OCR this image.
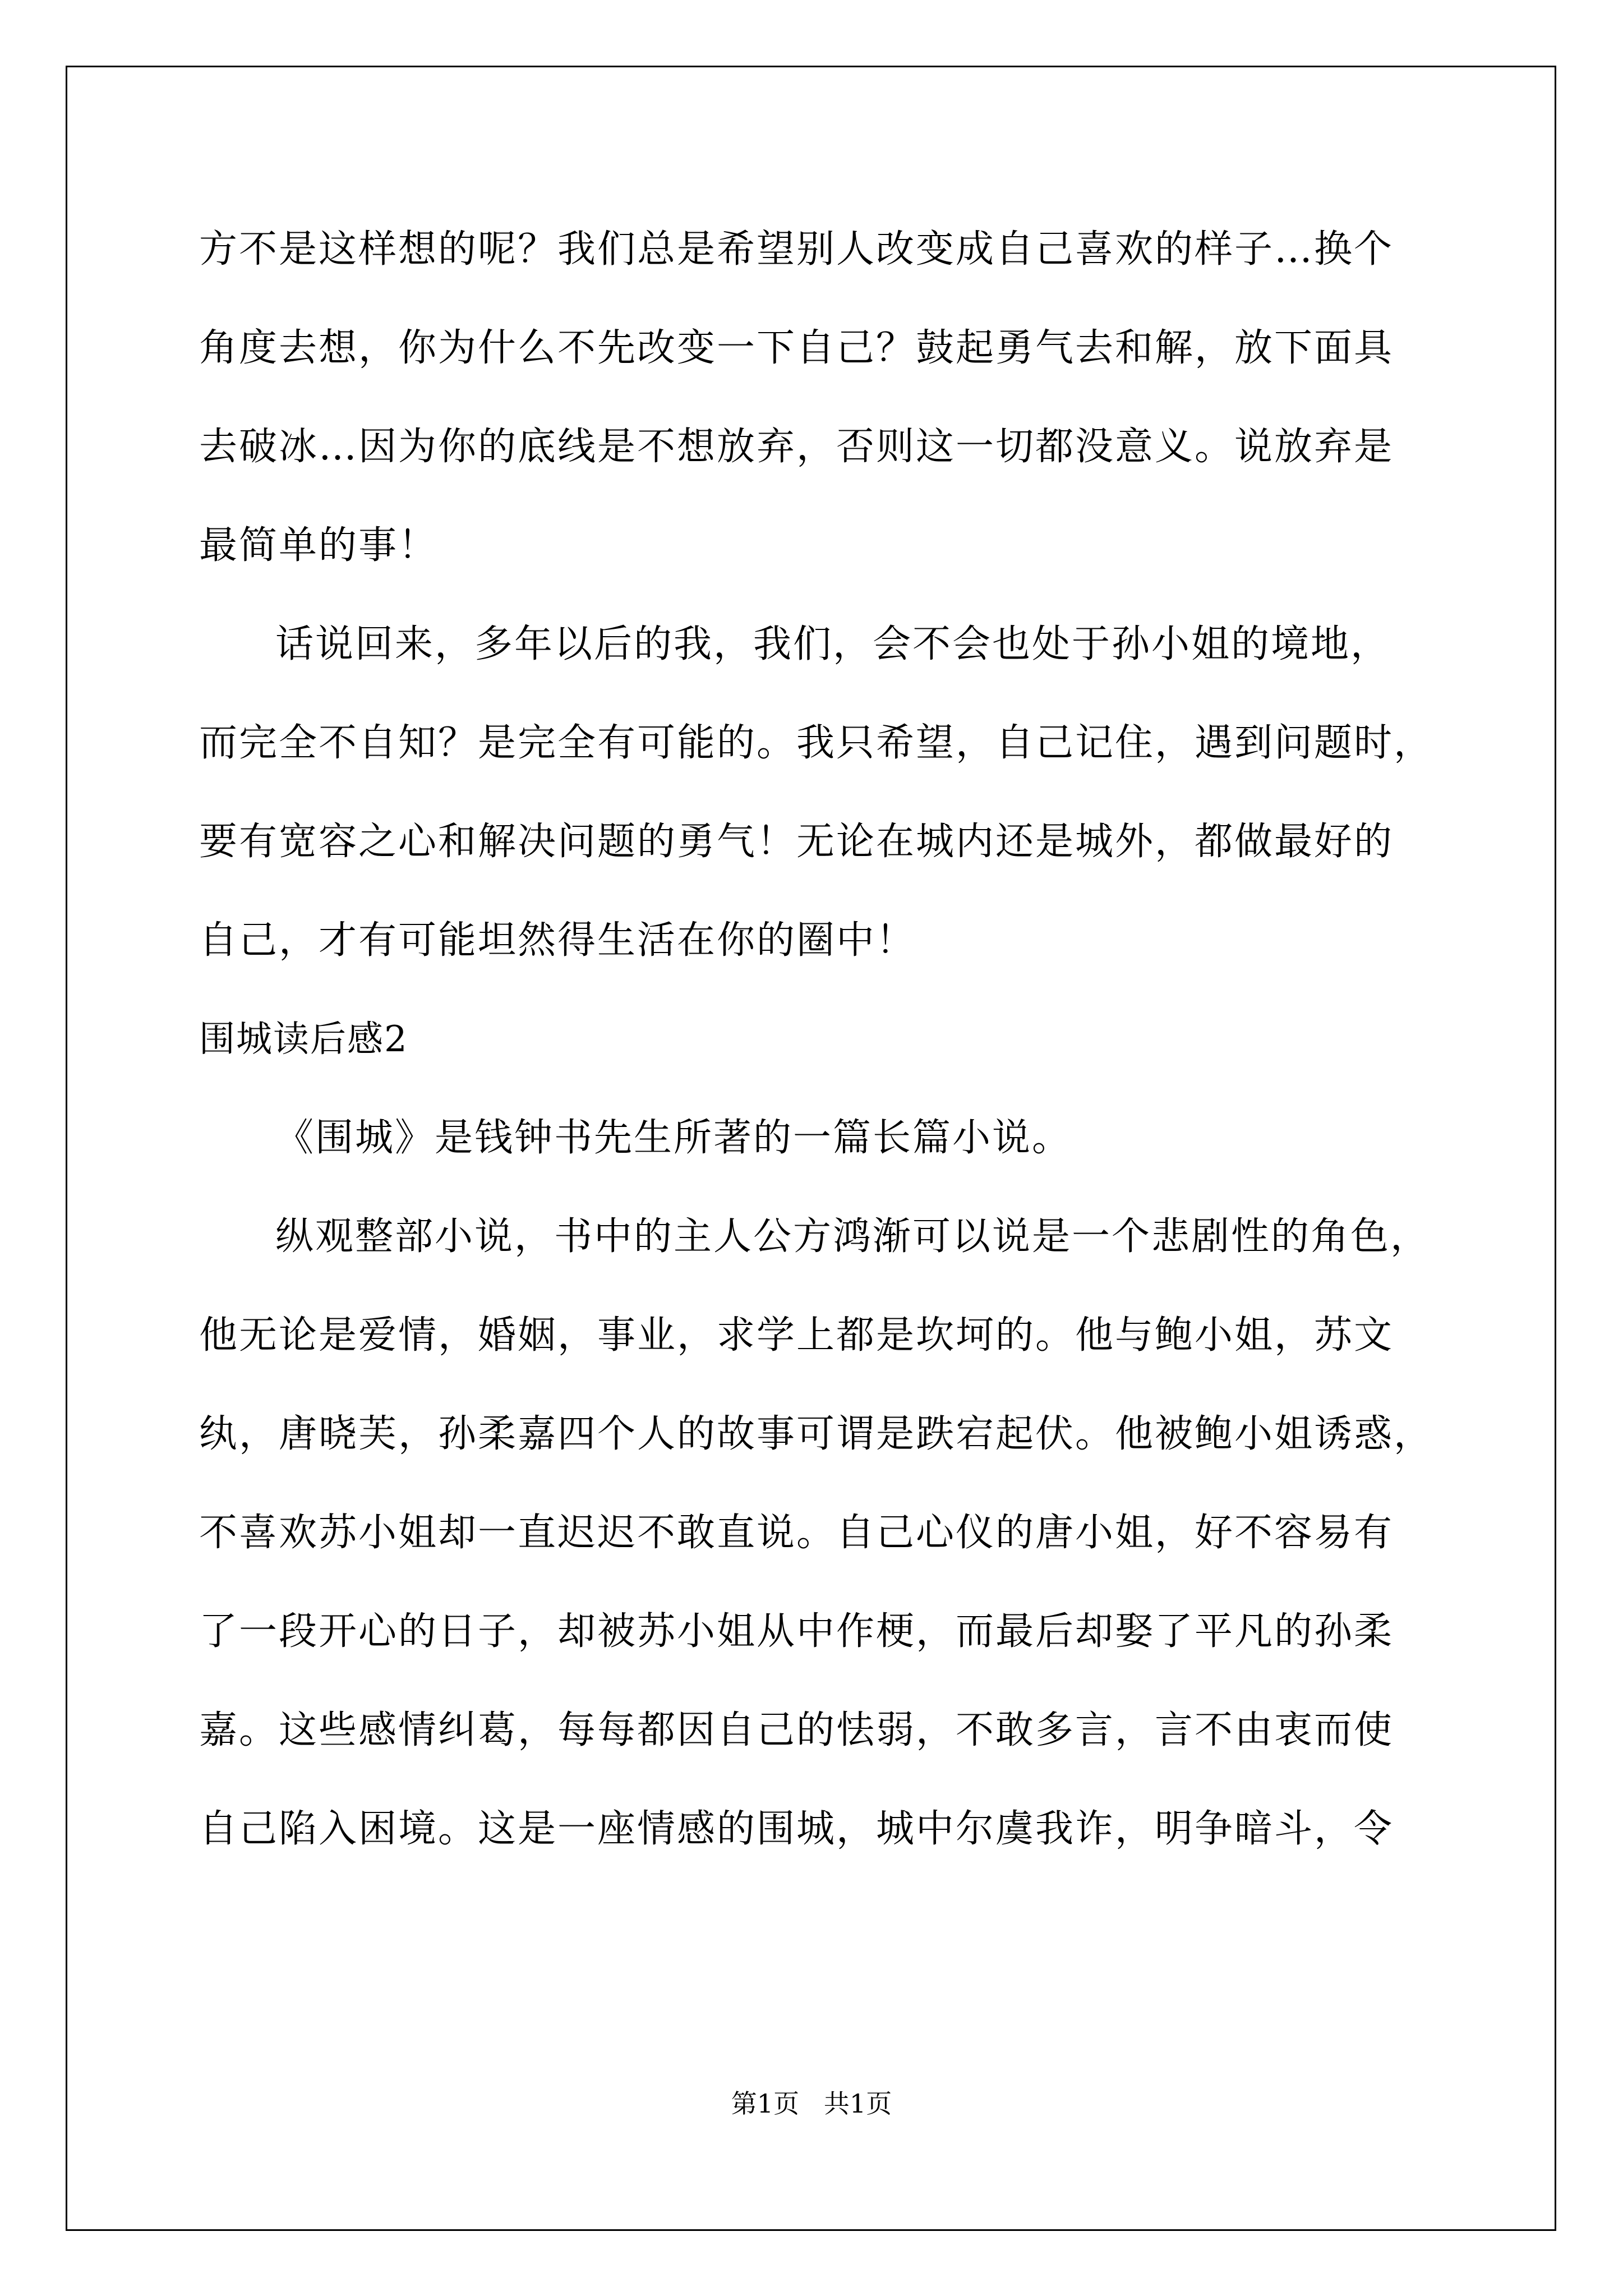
方不是这样想的呢？我们总是希望别人改变成自己喜欢的样子…换个
角度去想，你为什么不先改变一下自己？鼓起勇气去和解，放下面具
去破冰…因为你的底线是不想放弃，否则这一切都没意义。说放弃是
最简单的事！
话说回来，多年以后的我，我们，会不会也处于孙小姐的境地，
而完全不自知？是完全有可能的。我只希望，自己记住，遇到问题时，
要有宽容之心和解决问题的勇气！无论在城内还是城外，都做最好的
自己，才有可能坦然得生活在你的圈中！
围城读后感2
《围城》是钱钟书先生所著的一篇长篇小说。
纵观整部小说，书中的主人公方鸿渐可以说是一个悲剧性的角色，
他无论是爱情，婚姻，事业，求学上都是坎坷的。他与鲍小姐，苏文
纨，唐晓芙，孙柔嘉四个人的故事可谓是跌宕起伏。他被鲍小姐诱惑，
不喜欢苏小姐却一直迟迟不敢直说。自己心仪的唐小姐，好不容易有
了一段开心的日子，却被苏小姐从中作梗，而最后却娶了平凡的孙柔
嘉。这些感情纠葛，每每都因自己的怯弱，不敢多言，言不由衷而使
自己陷入困境。这是一座情感的围城，城中尔虞我诈，明争暗斗，令
第1页   共1页
